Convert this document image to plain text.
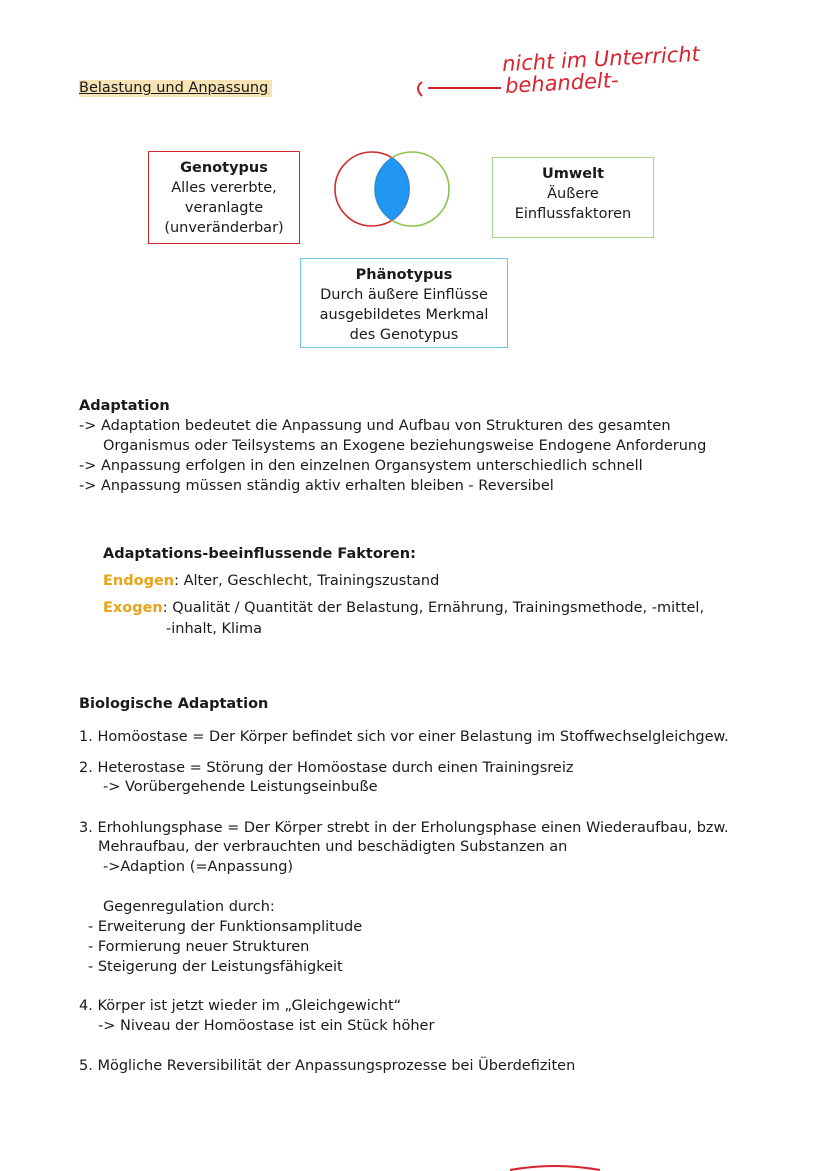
Belastung und Anpassung
nicht im Unterricht
behandelt-
Genotypus
Alles vererbte,
veranlagte
(unveränderbar)
Umwelt
Äußere
Einflussfaktoren
Phänotypus
Durch äußere Einflüsse
ausgebildetes Merkmal
des Genotypus
Adaptation
-> Adaptation bedeutet die Anpassung und Aufbau von Strukturen des gesamten
Organismus oder Teilsystems an Exogene beziehungsweise Endogene Anforderung
-> Anpassung erfolgen in den einzelnen Organsystem unterschiedlich schnell
-> Anpassung müssen ständig aktiv erhalten bleiben - Reversibel
Adaptations-beeinflussende Faktoren:
Endogen: Alter, Geschlecht, Trainingszustand
Exogen: Qualität / Quantität der Belastung, Ernährung, Trainingsmethode, -mittel,
-inhalt, Klima
Biologische Adaptation
1. Homöostase = Der Körper befindet sich vor einer Belastung im Stoffwechselgleichgew.
2. Heterostase = Störung der Homöostase durch einen Trainingsreiz
-> Vorübergehende Leistungseinbuße
3. Erhohlungsphase = Der Körper strebt in der Erholungsphase einen Wiederaufbau, bzw.
Mehraufbau, der verbrauchten und beschädigten Substanzen an
->Adaption (=Anpassung)
Gegenregulation durch:
- Erweiterung der Funktionsamplitude
- Formierung neuer Strukturen
- Steigerung der Leistungsfähigkeit
4. Körper ist jetzt wieder im „Gleichgewicht“
-> Niveau der Homöostase ist ein Stück höher
5. Mögliche Reversibilität der Anpassungsprozesse bei Überdefiziten
